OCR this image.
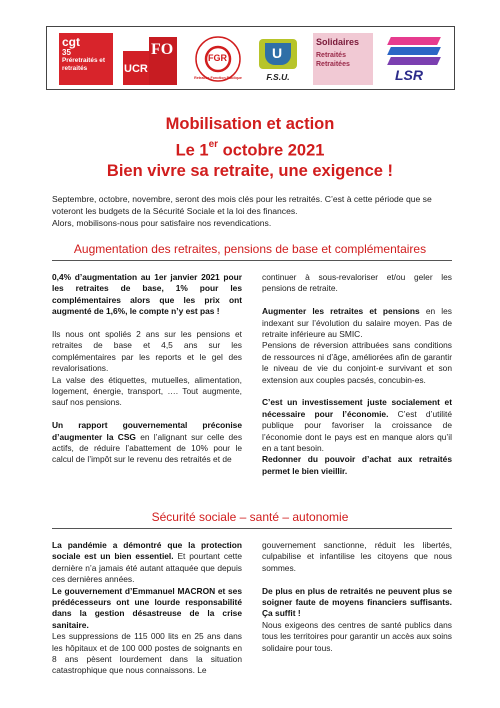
cgt
35
Préretraités et retraités	UCR
FO	FGR
Retraités Fonction Publique
U
F.S.U.
Solidaires
Retraités Retraitées
LSR
Mobilisation et action
Le 1er octobre 2021
Bien vivre sa retraite, une exigence !
Septembre, octobre, novembre, seront des mois clés pour les retraités. C’est à cette période que se
voteront les budgets de la Sécurité Sociale et la loi des finances.
Alors, mobilisons-nous pour satisfaire nos revendications.
Augmentation des retraites, pensions de base et complémentaires

0,4% d’augmentation au 1er janvier 2021 pour les retraites de base, 1% pour les complémentaires alors que les prix ont augmenté de 1,6%, le compte n’y est pas !

Ils nous ont spoliés 2 ans sur les pensions et retraites de base et 4,5 ans sur les complémentaires par les reports et le gel des revalorisations.

La valse des étiquettes, mutuelles, alimentation, logement, énergie, transport, …. Tout augmente, sauf nos pensions.

Un rapport gouvernemental préconise d’augmenter la CSG en l’alignant sur celle des actifs, de réduire l’abattement de 10% pour le calcul de l’impôt sur le revenu des retraités et de

continuer à sous-revaloriser et/ou geler les pensions de retraite.

Augmenter les retraites et pensions en les indexant sur l’évolution du salaire moyen. Pas de retraite inférieure au SMIC.

Pensions de réversion attribuées sans conditions de ressources ni d’âge, améliorées afin de garantir le niveau de vie du conjoint-e survivant et son extension aux couples pacsés, concubin-es.

C’est un investissement juste socialement et nécessaire pour l’économie. C’est d’utilité publique pour favoriser la croissance de l’économie dont le pays est en manque alors qu’il en a tant besoin.

Redonner du pouvoir d’achat aux retraités permet le bien vieillir.

Sécurité sociale – santé – autonomie

La pandémie a démontré que la protection sociale est un bien essentiel. Et pourtant cette dernière n’a jamais été autant attaquée que depuis ces dernières années.

Le gouvernement d’Emmanuel MACRON et ses prédécesseurs ont une lourde responsabilité dans la gestion désastreuse de la crise sanitaire.

Les suppressions de 115 000 lits en 25 ans dans les hôpitaux et de 100 000 postes de soignants en 8 ans pèsent lourdement dans la situation catastrophique que nous connaissons. Le

gouvernement sanctionne, réduit les libertés, culpabilise et infantilise les citoyens que nous sommes.

De plus en plus de retraités ne peuvent plus se soigner faute de moyens financiers suffisants. Ça suffit !

Nous exigeons des centres de santé publics dans tous les territoires pour garantir un accès aux soins solidaire pour tous.
